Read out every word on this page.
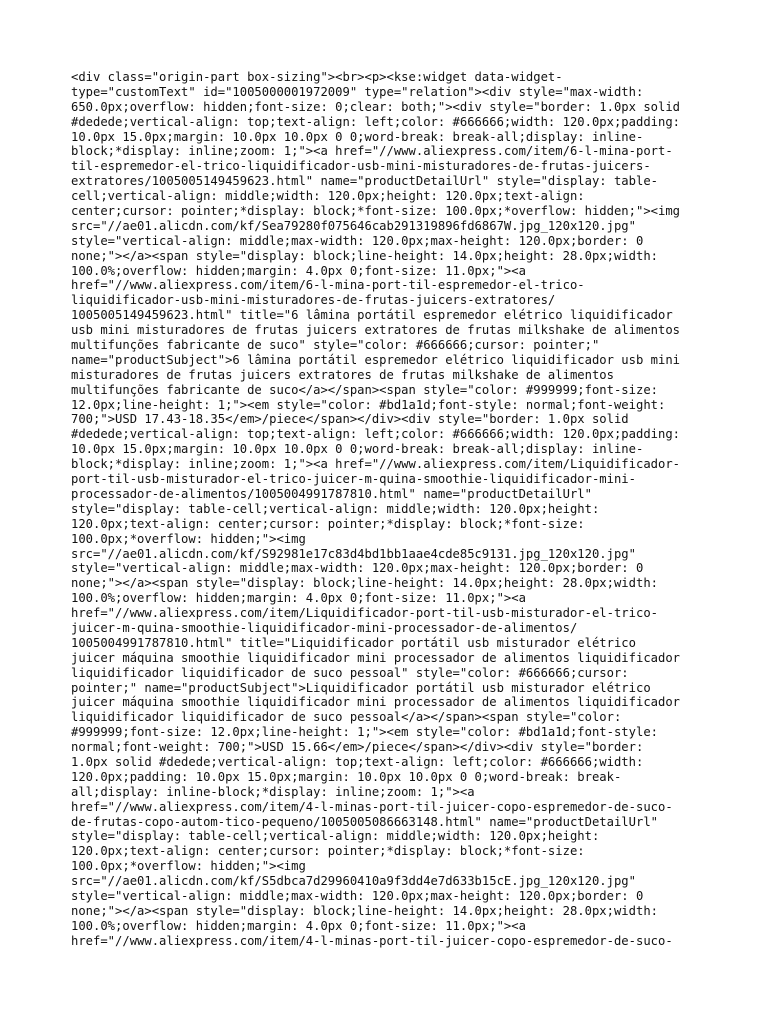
<div class="origin-part box-sizing"><br><p><kse:widget data-widget-
type="customText" id="1005000001972009" type="relation"><div style="max-width:
650.0px;overflow: hidden;font-size: 0;clear: both;"><div style="border: 1.0px solid
#dedede;vertical-align: top;text-align: left;color: #666666;width: 120.0px;padding:
10.0px 15.0px;margin: 10.0px 10.0px 0 0;word-break: break-all;display: inline-
block;*display: inline;zoom: 1;"><a href="//www.aliexpress.com/item/6-l-mina-port-
til-espremedor-el-trico-liquidificador-usb-mini-misturadores-de-frutas-juicers-
extratores/1005005149459623.html" name="productDetailUrl" style="display: table-
cell;vertical-align: middle;width: 120.0px;height: 120.0px;text-align:
center;cursor: pointer;*display: block;*font-size: 100.0px;*overflow: hidden;"><img
src="//ae01.alicdn.com/kf/Sea79280f075646cab291319896fd6867W.jpg_120x120.jpg"
style="vertical-align: middle;max-width: 120.0px;max-height: 120.0px;border: 0
none;"></a><span style="display: block;line-height: 14.0px;height: 28.0px;width:
100.0%;overflow: hidden;margin: 4.0px 0;font-size: 11.0px;"><a
href="//www.aliexpress.com/item/6-l-mina-port-til-espremedor-el-trico-
liquidificador-usb-mini-misturadores-de-frutas-juicers-extratores/
1005005149459623.html" title="6 lâmina portátil espremedor elétrico liquidificador
usb mini misturadores de frutas juicers extratores de frutas milkshake de alimentos
multifunções fabricante de suco" style="color: #666666;cursor: pointer;"
name="productSubject">6 lâmina portátil espremedor elétrico liquidificador usb mini
misturadores de frutas juicers extratores de frutas milkshake de alimentos
multifunções fabricante de suco</a></span><span style="color: #999999;font-size:
12.0px;line-height: 1;"><em style="color: #bd1a1d;font-style: normal;font-weight:
700;">USD 17.43-18.35</em>/piece</span></div><div style="border: 1.0px solid
#dedede;vertical-align: top;text-align: left;color: #666666;width: 120.0px;padding:
10.0px 15.0px;margin: 10.0px 10.0px 0 0;word-break: break-all;display: inline-
block;*display: inline;zoom: 1;"><a href="//www.aliexpress.com/item/Liquidificador-
port-til-usb-misturador-el-trico-juicer-m-quina-smoothie-liquidificador-mini-
processador-de-alimentos/1005004991787810.html" name="productDetailUrl"
style="display: table-cell;vertical-align: middle;width: 120.0px;height:
120.0px;text-align: center;cursor: pointer;*display: block;*font-size:
100.0px;*overflow: hidden;"><img
src="//ae01.alicdn.com/kf/S92981e17c83d4bd1bb1aae4cde85c9131.jpg_120x120.jpg"
style="vertical-align: middle;max-width: 120.0px;max-height: 120.0px;border: 0
none;"></a><span style="display: block;line-height: 14.0px;height: 28.0px;width:
100.0%;overflow: hidden;margin: 4.0px 0;font-size: 11.0px;"><a
href="//www.aliexpress.com/item/Liquidificador-port-til-usb-misturador-el-trico-
juicer-m-quina-smoothie-liquidificador-mini-processador-de-alimentos/
1005004991787810.html" title="Liquidificador portátil usb misturador elétrico
juicer máquina smoothie liquidificador mini processador de alimentos liquidificador
liquidificador liquidificador de suco pessoal" style="color: #666666;cursor:
pointer;" name="productSubject">Liquidificador portátil usb misturador elétrico
juicer máquina smoothie liquidificador mini processador de alimentos liquidificador
liquidificador liquidificador de suco pessoal</a></span><span style="color:
#999999;font-size: 12.0px;line-height: 1;"><em style="color: #bd1a1d;font-style:
normal;font-weight: 700;">USD 15.66</em>/piece</span></div><div style="border:
1.0px solid #dedede;vertical-align: top;text-align: left;color: #666666;width:
120.0px;padding: 10.0px 15.0px;margin: 10.0px 10.0px 0 0;word-break: break-
all;display: inline-block;*display: inline;zoom: 1;"><a
href="//www.aliexpress.com/item/4-l-minas-port-til-juicer-copo-espremedor-de-suco-
de-frutas-copo-autom-tico-pequeno/1005005086663148.html" name="productDetailUrl"
style="display: table-cell;vertical-align: middle;width: 120.0px;height:
120.0px;text-align: center;cursor: pointer;*display: block;*font-size:
100.0px;*overflow: hidden;"><img
src="//ae01.alicdn.com/kf/S5dbca7d29960410a9f3dd4e7d633b15cE.jpg_120x120.jpg"
style="vertical-align: middle;max-width: 120.0px;max-height: 120.0px;border: 0
none;"></a><span style="display: block;line-height: 14.0px;height: 28.0px;width:
100.0%;overflow: hidden;margin: 4.0px 0;font-size: 11.0px;"><a
href="//www.aliexpress.com/item/4-l-minas-port-til-juicer-copo-espremedor-de-suco-
